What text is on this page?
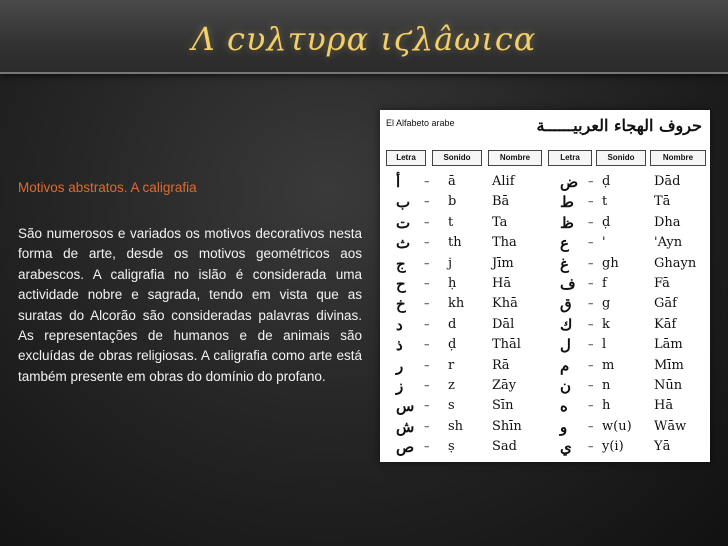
Λ ϲυλτυρα ιϛλâωιϲα
Motivos abstratos. A caligrafia
São numerosos e variados os motivos decorativos nesta forma de arte, desde os motivos geométricos aos arabescos. A caligrafia no islão é considerada uma actividade nobre e sagrada, tendo em vista que as suratas do Alcorão são consideradas palavras divinas. As representações de humanos e de animais são excluídas de obras religiosas. A caligrafia como arte está também presente em obras do domínio do profano.
El Alfabeto arabe	حروف الهجاء العربيــــــة
Letra	Sonido	Nombre	Letra	Sonido	Nombre
أ – ā	Alif	ض – ḍ	Dād
ب – b	Bā	ط – t	Tā
ت – t	Ta	ظ – ḍ	Dha
ث – th Tha	ع – '	'Ayn
ج – j	Jīm	غ – gh	Ghayn
ح – ḥ	Hā	ف – f	Fā
خ – kh Khā	ق – g	Gāf
د – d	Dāl	ك – k	Kāf
ذ – ḍ	Thāl	ل – l	Lām
ر – r	Rā	م – m	Mīm
ز – z	Zāy	ن – n	Nūn
س – s	Sīn	ه – h	Hā
ش – sh Shīn	و – w(u) Wāw
ص – ṣ	Sad	ي – y(i) Yā
